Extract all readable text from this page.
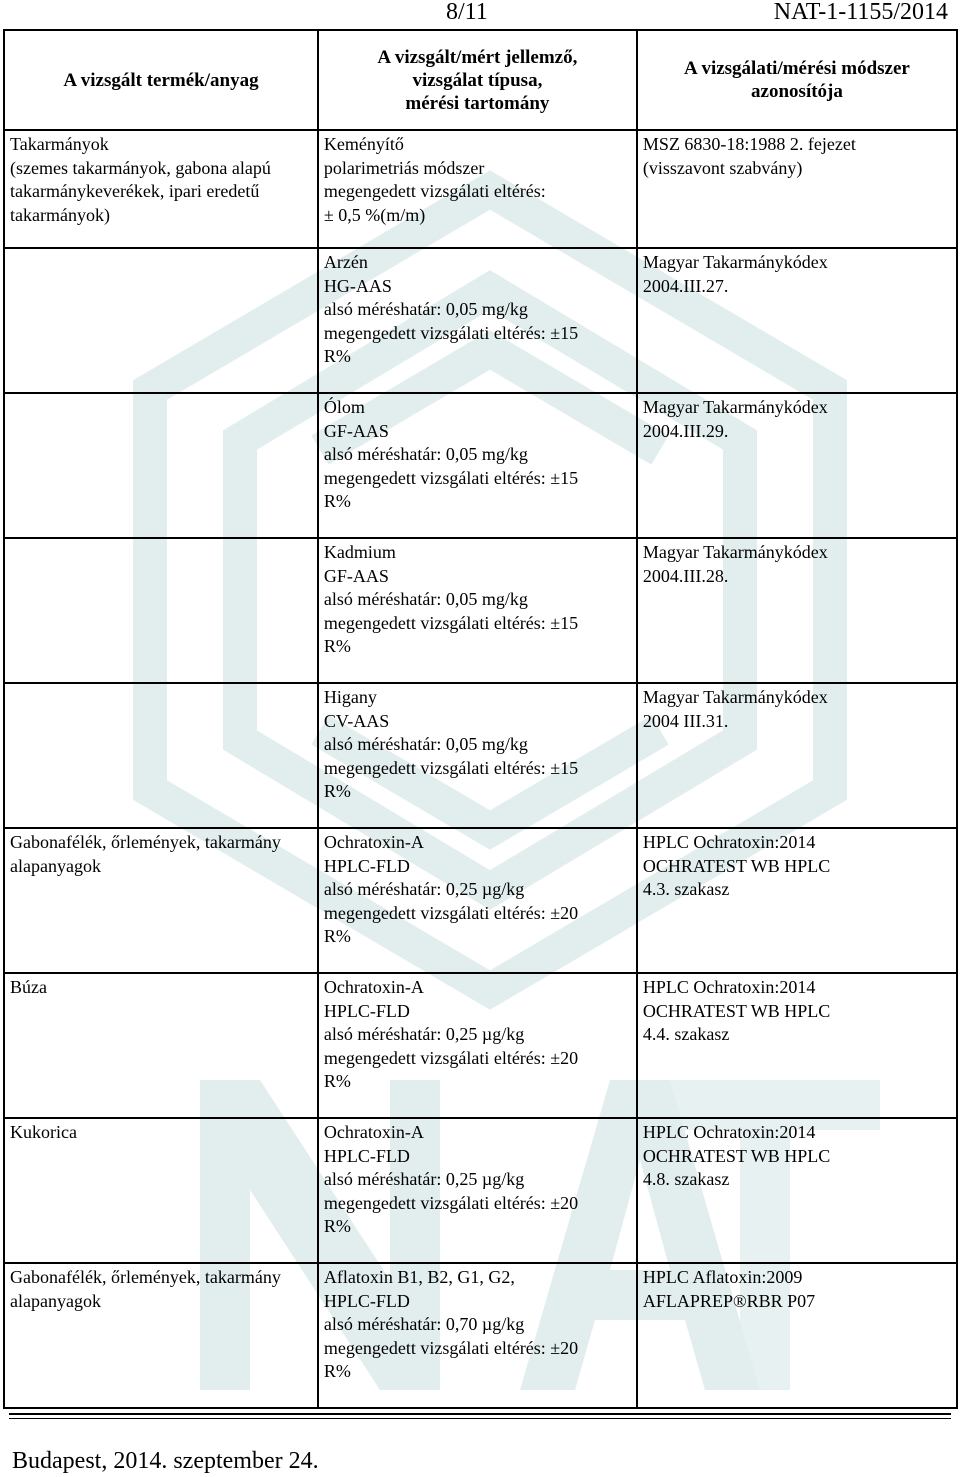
8/11	NAT-1-1155/2014
A vizsgált termék/anyag	A vizsgált/mért jellemző,
vizsgálat típusa,
mérési tartomány	A vizsgálati/mérési módszer
azonosítója

Takarmányok
(szemes takarmányok, gabona alapú takarmánykeverékek, ipari eredetű takarmányok)	Keményítő
polarimetriás módszer
megengedett vizsgálati eltérés:
± 0,5 %(m/m)	MSZ 6830-18:1988 2. fejezet
(visszavont szabvány)

	Arzén
HG-AAS
alsó méréshatár: 0,05 mg/kg
megengedett vizsgálati eltérés: ±15
R%	Magyar Takarmánykódex
2004.III.27.

	Ólom
GF-AAS
alsó méréshatár: 0,05 mg/kg
megengedett vizsgálati eltérés: ±15
R%	Magyar Takarmánykódex
2004.III.29.

	Kadmium
GF-AAS
alsó méréshatár: 0,05 mg/kg
megengedett vizsgálati eltérés: ±15
R%	Magyar Takarmánykódex
2004.III.28.

	Higany
CV-AAS
alsó méréshatár: 0,05 mg/kg
megengedett vizsgálati eltérés: ±15
R%	Magyar Takarmánykódex
2004 III.31.

Gabonafélék, őrlemények, takarmány alapanyagok	Ochratoxin-A
HPLC-FLD
alsó méréshatár: 0,25 µg/kg
megengedett vizsgálati eltérés: ±20
R%	HPLC Ochratoxin:2014
OCHRATEST WB HPLC
4.3. szakasz

Búza	Ochratoxin-A
HPLC-FLD
alsó méréshatár: 0,25 µg/kg
megengedett vizsgálati eltérés: ±20
R%	HPLC Ochratoxin:2014
OCHRATEST WB HPLC
4.4. szakasz

Kukorica	Ochratoxin-A
HPLC-FLD
alsó méréshatár: 0,25 µg/kg
megengedett vizsgálati eltérés: ±20
R%	HPLC Ochratoxin:2014
OCHRATEST WB HPLC
4.8. szakasz

Gabonafélék, őrlemények, takarmány alapanyagok	Aflatoxin B1, B2, G1, G2,
HPLC-FLD
alsó méréshatár: 0,70 µg/kg
megengedett vizsgálati eltérés: ±20
R%	HPLC Aflatoxin:2009
AFLAPREP®RBR P07
Budapest, 2014. szeptember 24.
